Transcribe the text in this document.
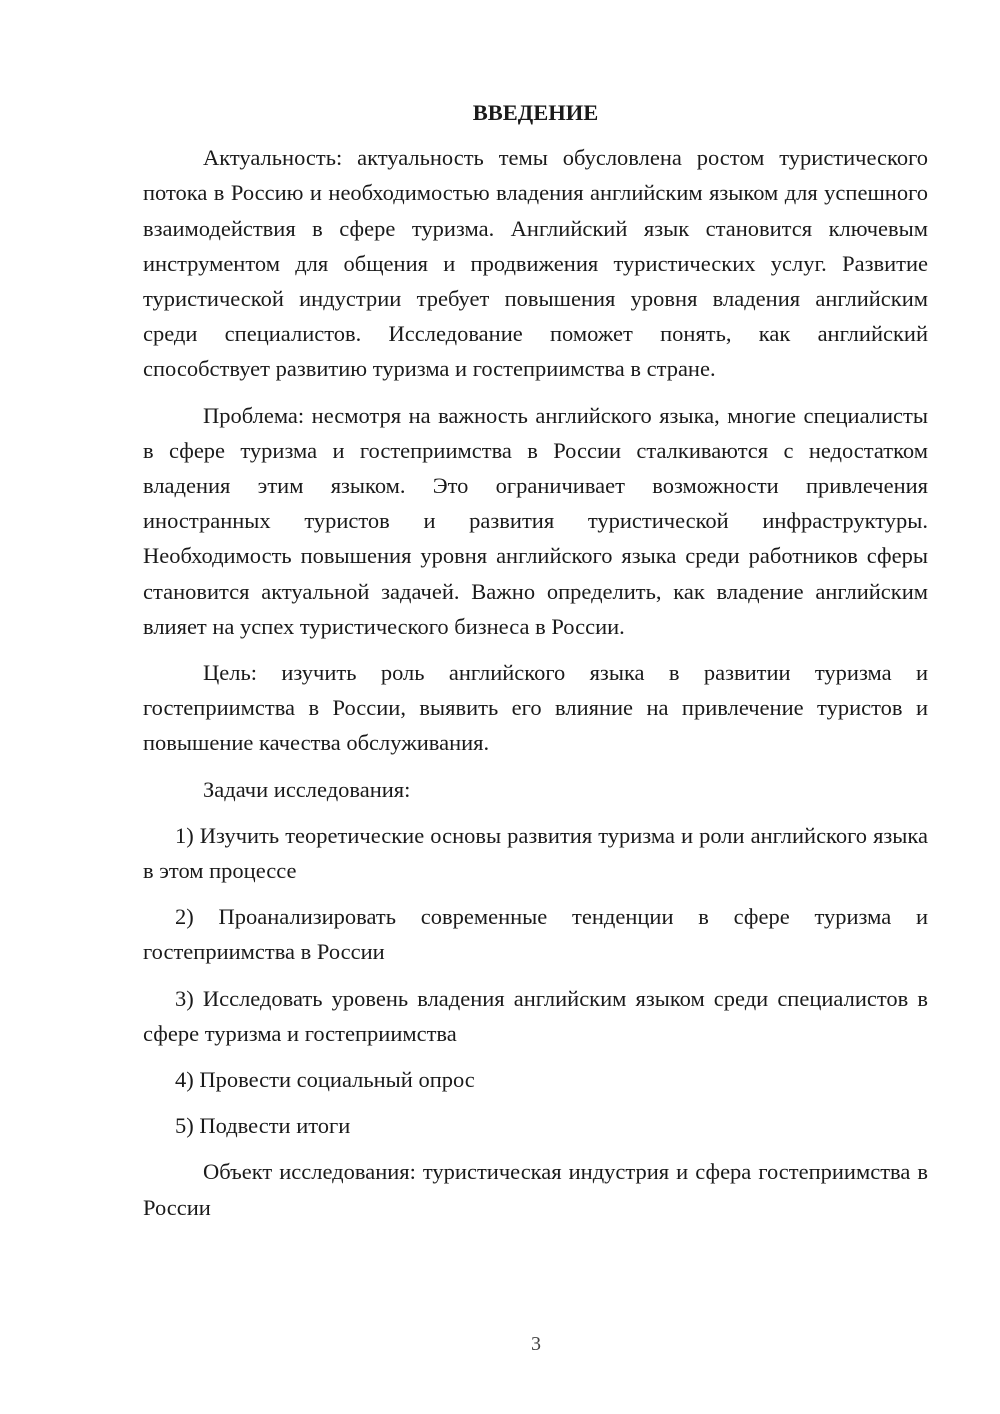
ВВЕДЕНИЕ

Актуальность: актуальность темы обусловлена ростом туристического потока в Россию и необходимостью владения английским языком для успешного взаимодействия в сфере туризма. Английский язык становится ключевым инструментом для общения и продвижения туристических услуг. Развитие туристической индустрии требует повышения уровня владения английским среди специалистов. Исследование поможет понять, как английский способствует развитию туризма и гостеприимства в стране.

Проблема: несмотря на важность английского языка, многие специалисты в сфере туризма и гостеприимства в России сталкиваются с недостатком владения этим языком. Это ограничивает возможности привлечения иностранных туристов и развития туристической инфраструктуры. Необходимость повышения уровня английского языка среди работников сферы становится актуальной задачей. Важно определить, как владение английским влияет на успех туристического бизнеса в России.

Цель: изучить роль английского языка в развитии туризма и гостеприимства в России, выявить его влияние на привлечение туристов и повышение качества обслуживания.

Задачи исследования:

1) Изучить теоретические основы развития туризма и роли английского языка в этом процессе

2) Проанализировать современные тенденции в сфере туризма и гостеприимства в России

3) Исследовать уровень владения английским языком среди специалистов в сфере туризма и гостеприимства

4) Провести социальный опрос

5) Подвести итоги

Объект исследования: туристическая индустрия и сфера гостеприимства в России

3
